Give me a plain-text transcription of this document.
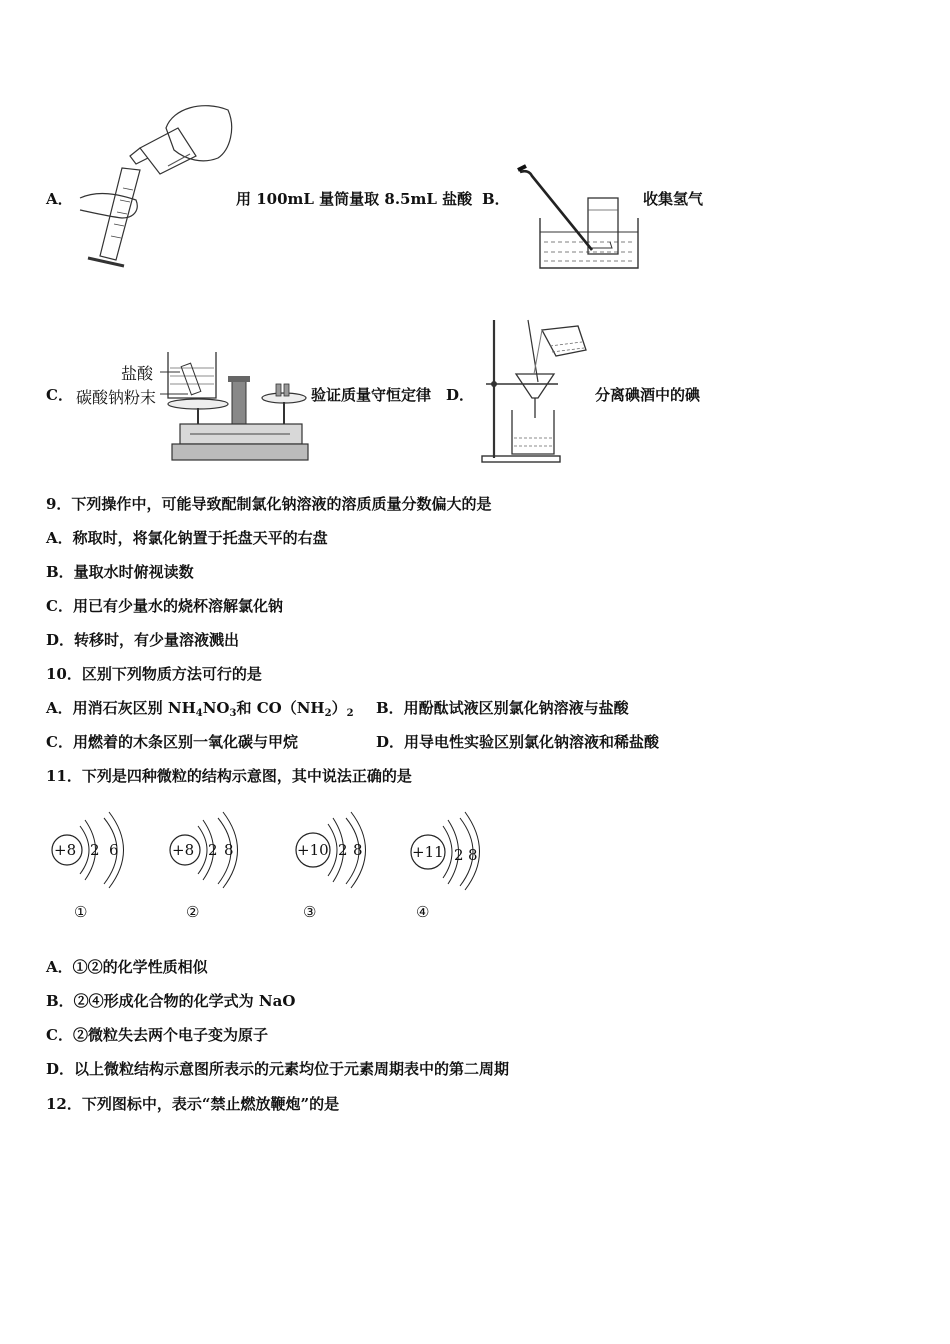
A．	用 100mL 量筒量取 8.5mL 盐酸 B．	收集氢气
C．
盐酸
碳酸钠粉末	验证质量守恒定律 D．	分离碘酒中的碘
9．下列操作中，可能导致配制氯化钠溶液的溶质质量分数偏大的是
A．称取时，将氯化钠置于托盘天平的右盘
B．量取水时俯视读数
C．用已有少量水的烧杯溶解氯化钠
D．转移时，有少量溶液溅出
10．区别下列物质方法可行的是
A．用消石灰区别 $NH_4NO_3$和 $CO(NH_2)_2$ B．用酚酞试液区别氯化钠溶液与盐酸
C．用燃着的木条区别一氧化碳与甲烷	D．用导电性实验区别氯化钠溶液和稀盐酸
11．下列是四种微粒的结构示意图，其中说法正确的是
+8 2 6
①
+8 2 8
②
+10 2 8
③
+11 2 8
④
A．①②的化学性质相似
B．②④形成化合物的化学式为 NaO
C．②微粒失去两个电子变为原子
D．以上微粒结构示意图所表示的元素均位于元素周期表中的第二周期
12．下列图标中，表示“禁止燃放鞭炮”的是
